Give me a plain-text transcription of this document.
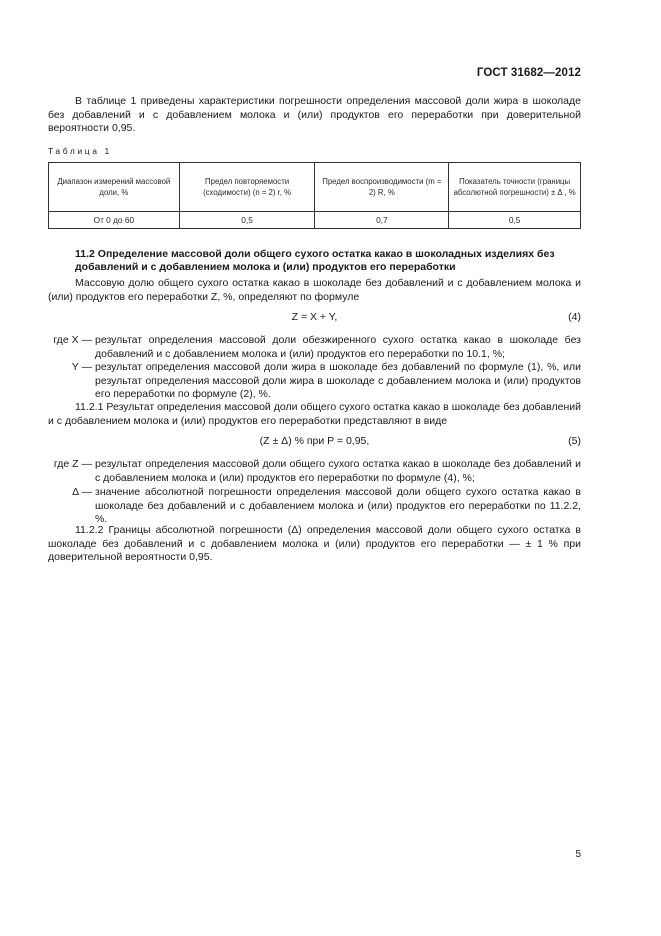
ГОСТ 31682—2012
В таблице 1 приведены характеристики погрешности определения массовой доли жира в шоколаде без добавлений и с добавлением молока и (или) продуктов его переработки при доверительной вероятности 0,95.
Таблица 1
Диапазон измерений массовой доли, %	Предел повторяемости (сходимости) (n = 2) r, %	Предел воспроизводимости (m = 2) R, %	Показатель точности (границы абсолютной погрешности) ± Δ , %
От 0 до 60	0,5	0,7	0,5
11.2 Определение массовой доли общего сухого остатка какао в шоколадных изделиях без добавлений и с добавлением молока и (или) продуктов его переработки
Массовую долю общего сухого остатка какао в шоколаде без добавлений и с добавлением молока и (или) продуктов его переработки Z, %, определяют по формуле
Z = X + Y,	(4)
где X — результат определения массовой доли обезжиренного сухого остатка какао в шоколаде без добавлений и с добавлением молока и (или) продуктов его переработки по 10.1, %;
Y — результат определения массовой доли жира в шоколаде без добавлений по формуле (1), %, или результат определения массовой доли жира в шоколаде с добавлением молока и (или) продуктов его переработки по формуле (2), %.
11.2.1 Результат определения массовой доли общего сухого остатка какао в шоколаде без добавлений и с добавлением молока и (или) продуктов его переработки представляют в виде
(Z ± Δ) % при P = 0,95,	(5)
где Z — результат определения массовой доли общего сухого остатка какао в шоколаде без добавлений и с добавлением молока и (или) продуктов его переработки по формуле (4), %;
Δ — значение абсолютной погрешности определения массовой доли общего сухого остатка какао в шоколаде без добавлений и с добавлением молока и (или) продуктов его переработки по 11.2.2, %.
11.2.2 Границы абсолютной погрешности (Δ) определения массовой доли общего сухого остатка в шоколаде без добавлений и с добавлением молока и (или) продуктов его переработки — ± 1 % при доверительной вероятности 0,95.
5
